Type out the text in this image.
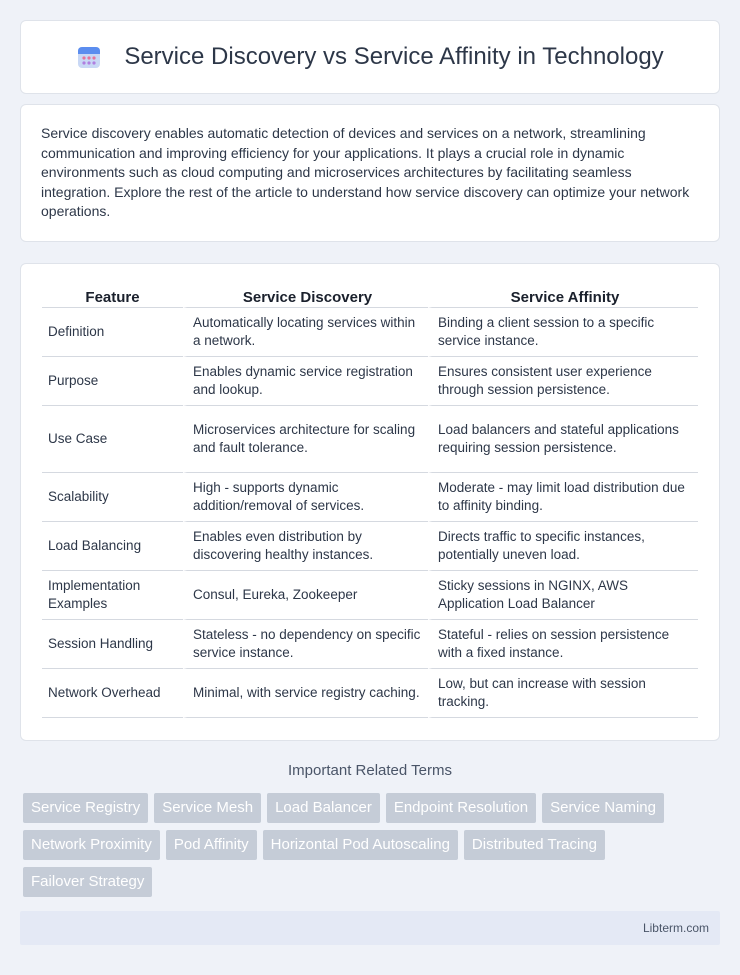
Service Discovery vs Service Affinity in Technology

Service discovery enables automatic detection of devices and services on a network, streamlining communication and improving efficiency for your applications. It plays a crucial role in dynamic environments such as cloud computing and microservices architectures by facilitating seamless integration. Explore the rest of the article to understand how service discovery can optimize your network operations.

Feature	Service Discovery	Service Affinity
Definition	Automatically locating services within a network.	Binding a client session to a specific service instance.
Purpose	Enables dynamic service registration and lookup.	Ensures consistent user experience through session persistence.
Use Case	Microservices architecture for scaling and fault tolerance.	Load balancers and stateful applications requiring session persistence.
Scalability	High - supports dynamic addition/removal of services.	Moderate - may limit load distribution due to affinity binding.
Load Balancing	Enables even distribution by discovering healthy instances.	Directs traffic to specific instances, potentially uneven load.
Implementation Examples	Consul, Eureka, Zookeeper	Sticky sessions in NGINX, AWS Application Load Balancer
Session Handling	Stateless - no dependency on specific service instance.	Stateful - relies on session persistence with a fixed instance.
Network Overhead	Minimal, with service registry caching.	Low, but can increase with session tracking.
Important Related Terms
Service Registry	Service Mesh	Load Balancer	Endpoint Resolution	Service Naming
Network Proximity	Pod Affinity	Horizontal Pod Autoscaling	Distributed Tracing
Failover Strategy
Libterm.com
